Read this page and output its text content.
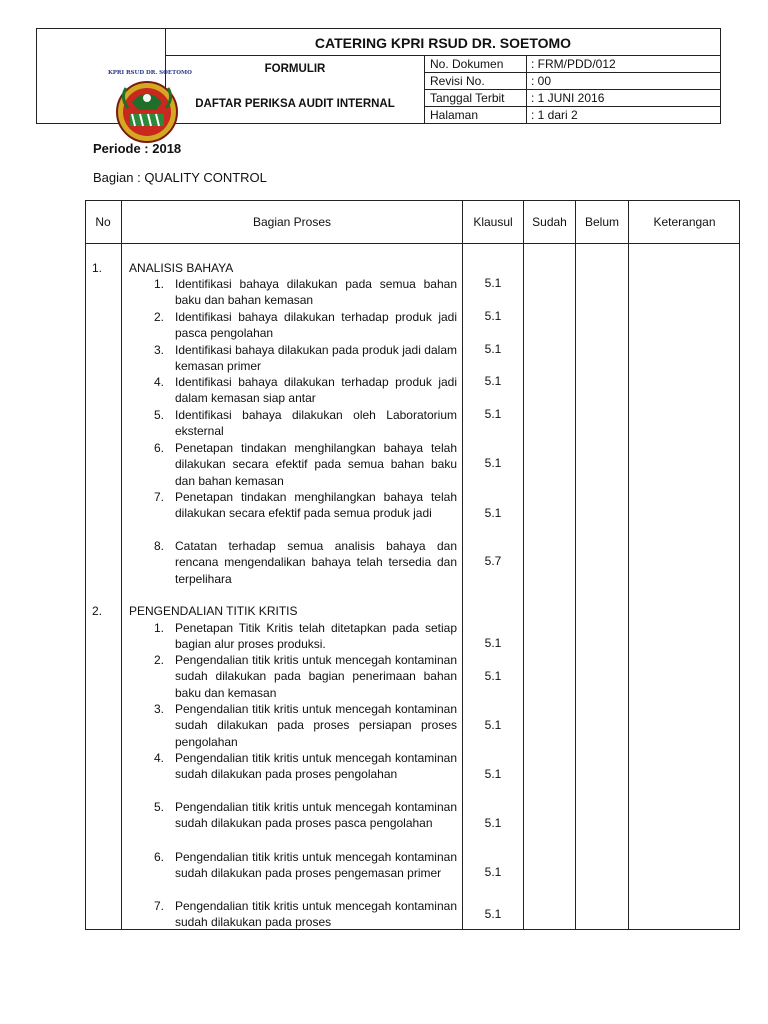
CATERING KPRI RSUD DR. SOETOMO
FORMULIR
DAFTAR PERIKSA AUDIT INTERNAL
No. Dokumen : FRM/PDD/012
Revisi No.	: 00
Tanggal Terbit : 1 JUNI 2016
Halaman	: 1 dari 2
KPRI RSUD DR. SOETOMO
Periode : 2018
Bagian : QUALITY CONTROL
No	Bagian Proses	Klausul	Sudah	Belum	Keterangan
1. ANALISIS BAHAYA
1. Identifikasi bahaya dilakukan pada semua bahan baku dan bahan kemasan
5.1
2. Identifikasi bahaya dilakukan terhadap produk jadi pasca pengolahan
5.1
3. Identifikasi bahaya dilakukan pada produk jadi dalam kemasan primer
5.1
4. Identifikasi bahaya dilakukan terhadap produk jadi dalam kemasan siap antar
5.1
5. Identifikasi bahaya dilakukan oleh Laboratorium eksternal
5.1
6. Penetapan tindakan menghilangkan bahaya telah dilakukan secara efektif pada semua bahan baku dan bahan kemasan
5.1
7. Penetapan tindakan menghilangkan bahaya telah dilakukan secara efektif pada semua produk jadi	5.1
8. Catatan terhadap semua analisis bahaya dan rencana mengendalikan bahaya telah tersedia dan terpelihara
5.7
2. PENGENDALIAN TITIK KRITIS
1. Penetapan Titik Kritis telah ditetapkan pada setiap bagian alur proses produksi.	5.1
2. Pengendalian titik kritis untuk mencegah kontaminan sudah dilakukan pada bagian penerimaan bahan baku dan kemasan
5.1
3. Pengendalian titik kritis untuk mencegah kontaminan sudah dilakukan pada proses persiapan proses pengolahan
5.1
4. Pengendalian titik kritis untuk mencegah kontaminan sudah dilakukan pada proses pengolahan	5.1
5. Pengendalian titik kritis untuk mencegah kontaminan sudah dilakukan pada proses pasca pengolahan	5.1
6. Pengendalian titik kritis untuk mencegah kontaminan sudah dilakukan pada proses pengemasan primer	5.1
7. Pengendalian titik kritis untuk mencegah kontaminan sudah dilakukan pada proses
5.1
